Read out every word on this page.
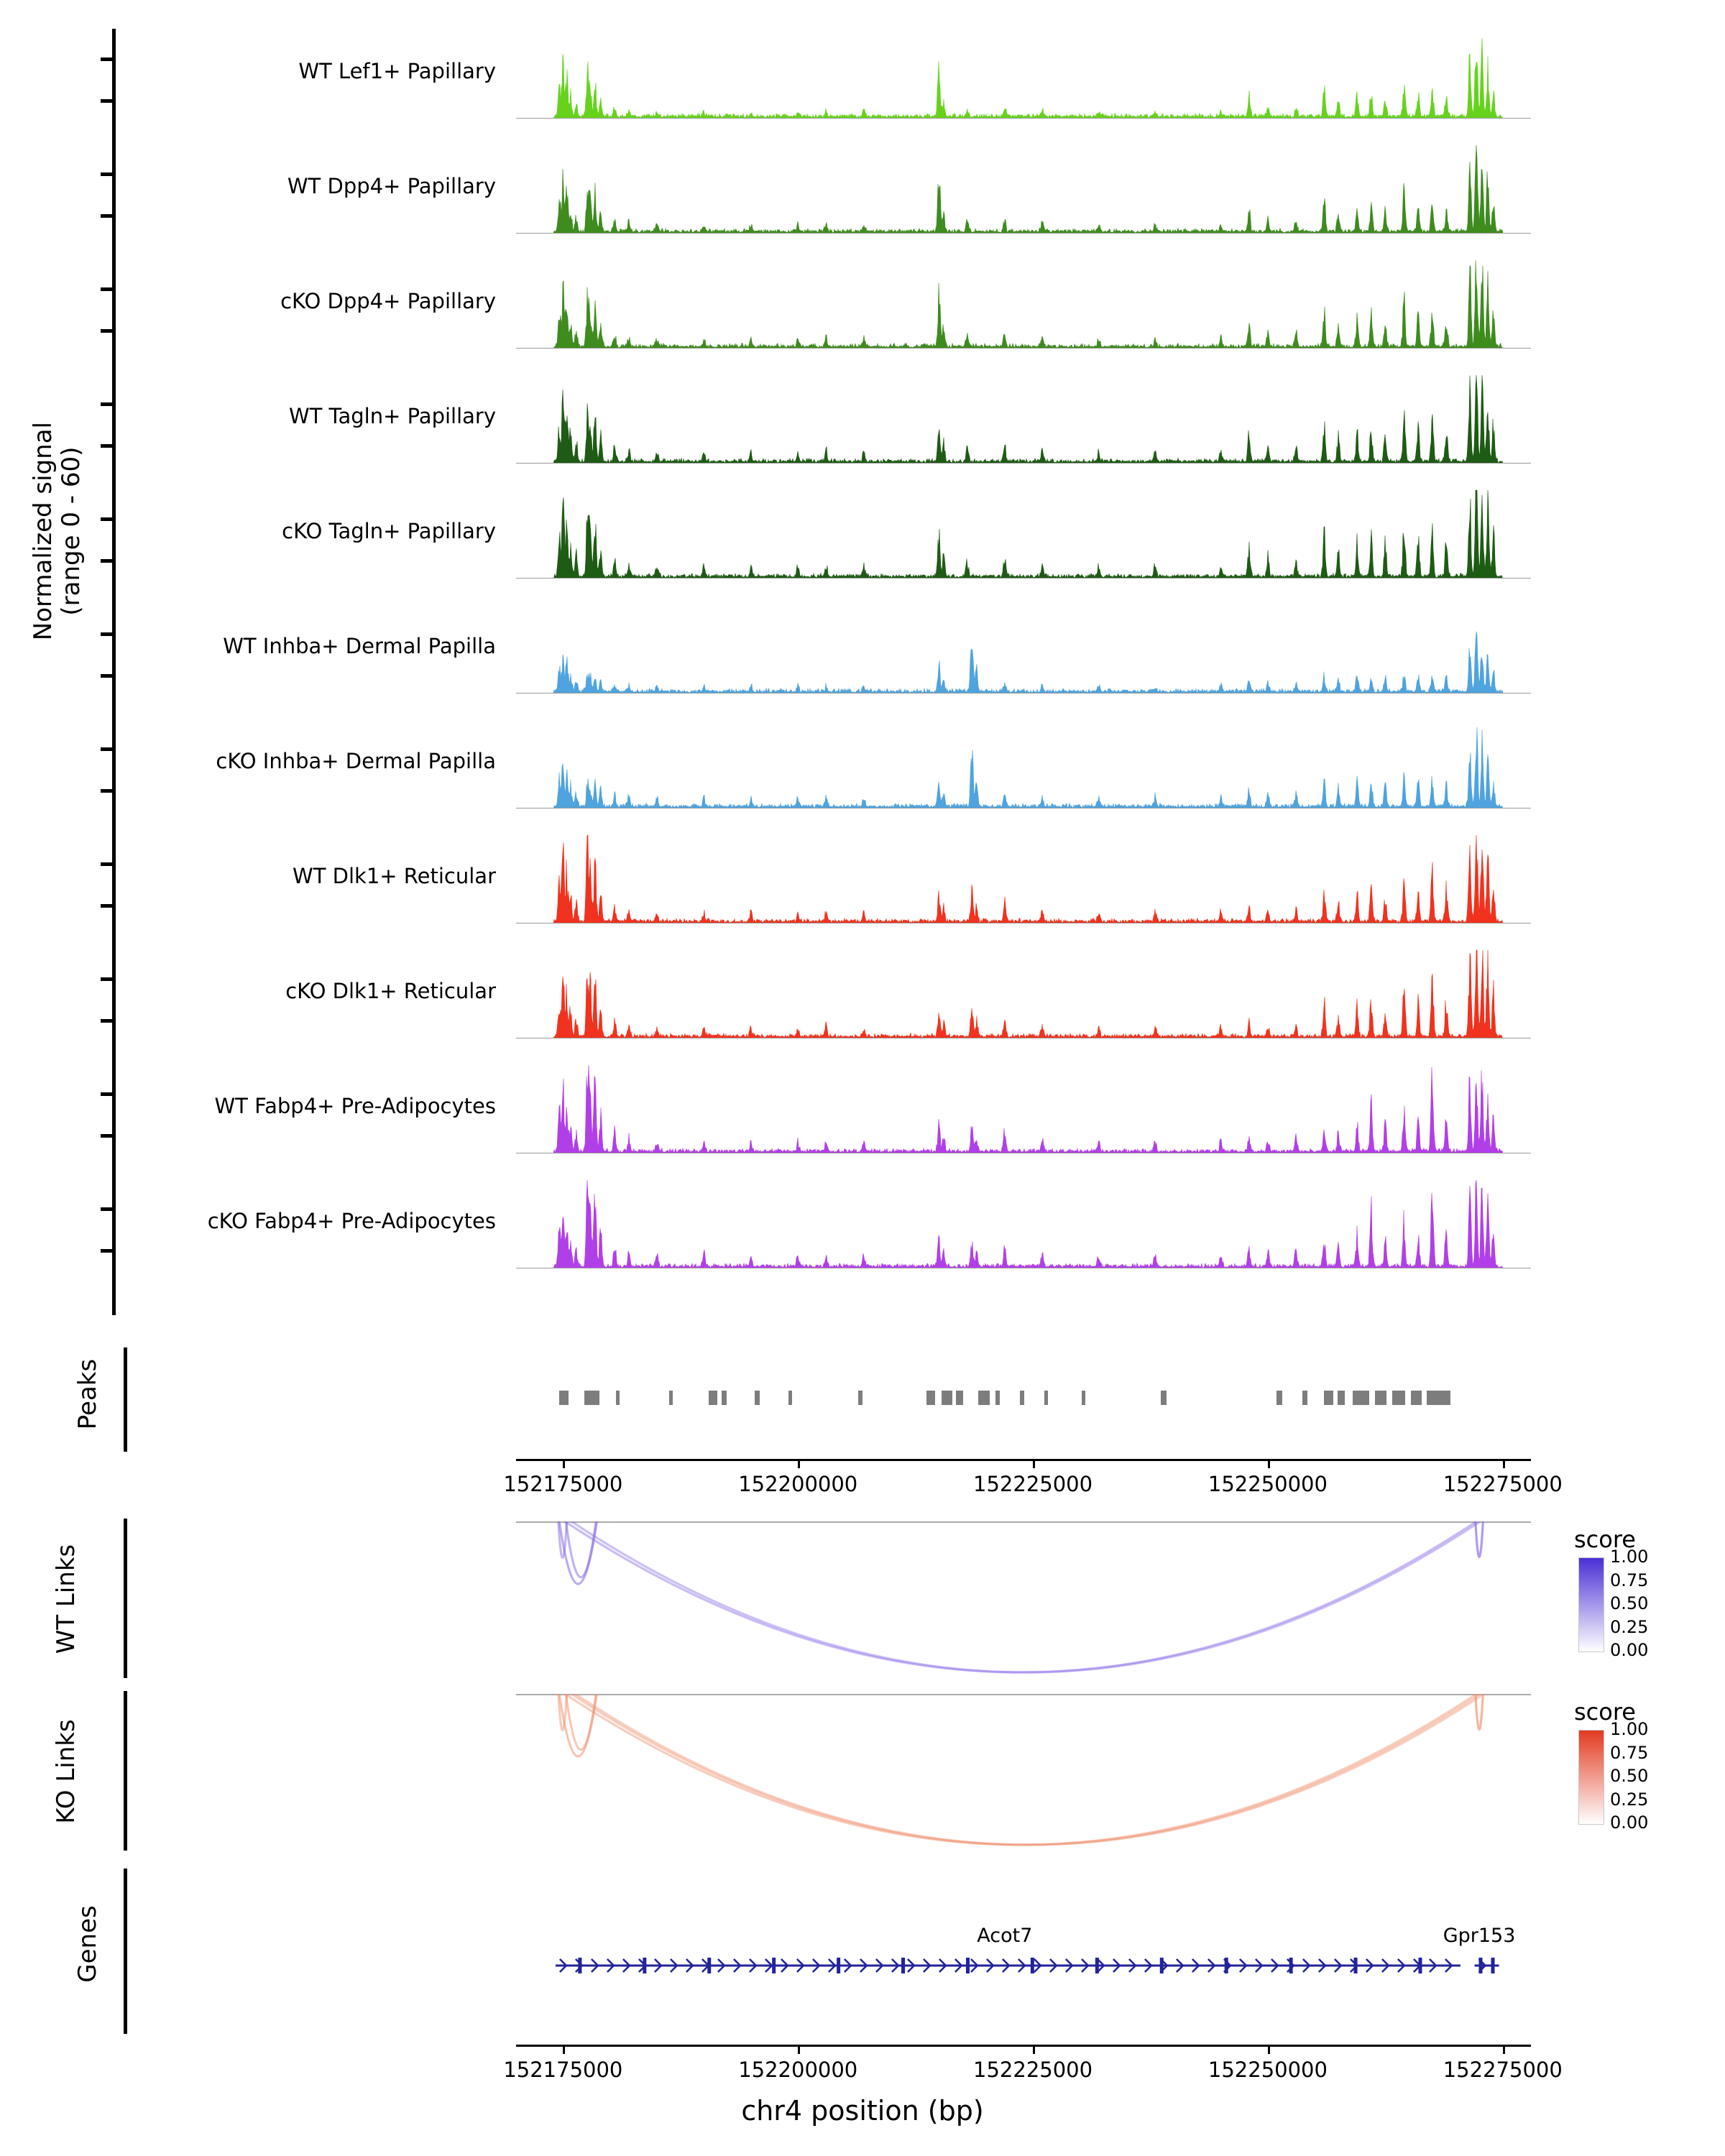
Normalized signal (range 0 - 60)
WT Lef1+ Papillary
WT Dpp4+ Papillary
cKO Dpp4+ Papillary
WT Tagln+ Papillary
cKO Tagln+ Papillary
WT Inhba+ Dermal Papilla
cKO Inhba+ Dermal Papilla
WT Dlk1+ Reticular
cKO Dlk1+ Reticular
WT Fabp4+ Pre-Adipocytes
cKO Fabp4+ Pre-Adipocytes
Peaks
152175000	152200000	152225000	152250000	152275000
WT Links
score
1.00
0.75
0.50
0.25
0.00
KO Links
score
1.00
0.75
0.50
0.25
0.00
Genes	Acot7	Gpr153
152175000	152200000	152225000	152250000	152275000
chr4 position (bp)
